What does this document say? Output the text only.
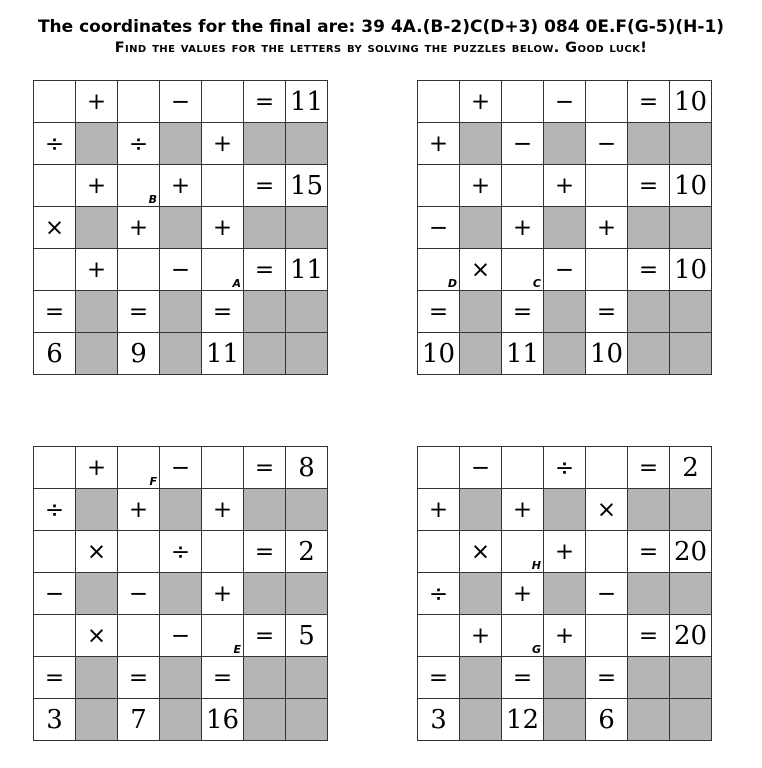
The coordinates for the final are: 39 4A.(B-2)C(D+3) 084 0E.F(G-5)(H-1)
Find the values for the letters by solving the puzzles below. Good luck!
	+		−		=	11
÷		÷		+		
	+	B	+		=	15
×		+		+		
	+		−	A	=	11
=		=		=		
6		9		11		
	+		−		=	10
+		−		−		
	+		+		=	10
−		+		+		

D	×	C	−		=	10
=		=		=		
10		11		10		
	+	F	−		=	8
÷		+		+		
	×		÷		=	2
−		−		+		
	×		−	E	=	5
=		=		=		
3		7		16		
	−		÷		=	2
+		+		×		
	×	H	+		=	20
÷		+		−		
	+	G	+		=	20
=		=		=		
3		12		6		
